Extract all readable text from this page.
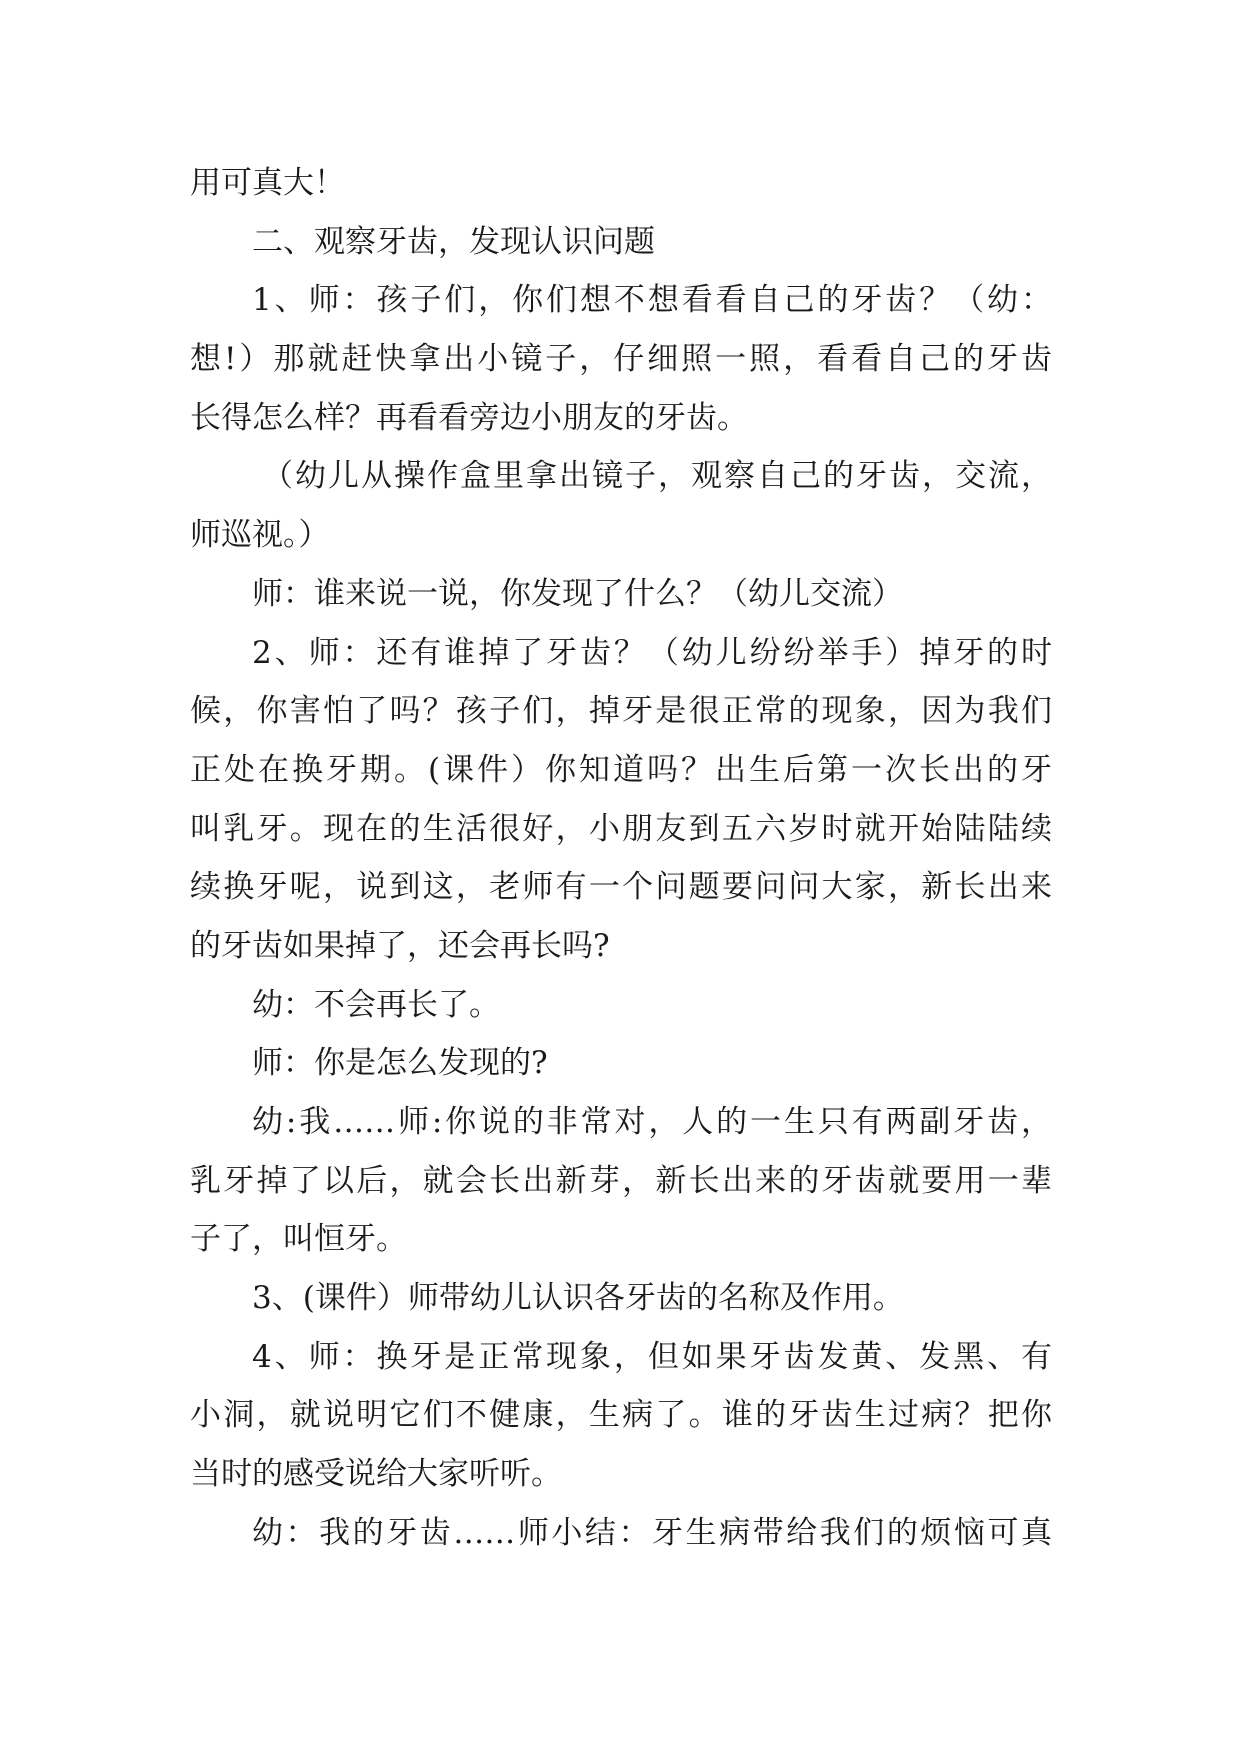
用可真大！
二、观察牙齿，发现认识问题
1、师：孩子们，你们想不想看看自己的牙齿？（幼：
想!）那就赶快拿出小镜子，仔细照一照，看看自己的牙齿
长得怎么样？再看看旁边小朋友的牙齿。
（幼儿从操作盒里拿出镜子，观察自己的牙齿，交流，
师巡视。）
师：谁来说一说，你发现了什么？（幼儿交流）
2、师：还有谁掉了牙齿？（幼儿纷纷举手）掉牙的时
候，你害怕了吗？孩子们，掉牙是很正常的现象，因为我们
正处在换牙期。(课件）你知道吗？出生后第一次长出的牙
叫乳牙。现在的生活很好，小朋友到五六岁时就开始陆陆续
续换牙呢，说到这，老师有一个问题要问问大家，新长出来
的牙齿如果掉了，还会再长吗?
幼：不会再长了。
师：你是怎么发现的?
幼:我……师:你说的非常对，人的一生只有两副牙齿，
乳牙掉了以后，就会长出新芽，新长出来的牙齿就要用一辈
子了，叫恒牙。
3、(课件）师带幼儿认识各牙齿的名称及作用。
4、师：换牙是正常现象，但如果牙齿发黄、发黑、有
小洞，就说明它们不健康，生病了。谁的牙齿生过病？把你
当时的感受说给大家听听。
幼：我的牙齿……师小结：牙生病带给我们的烦恼可真
